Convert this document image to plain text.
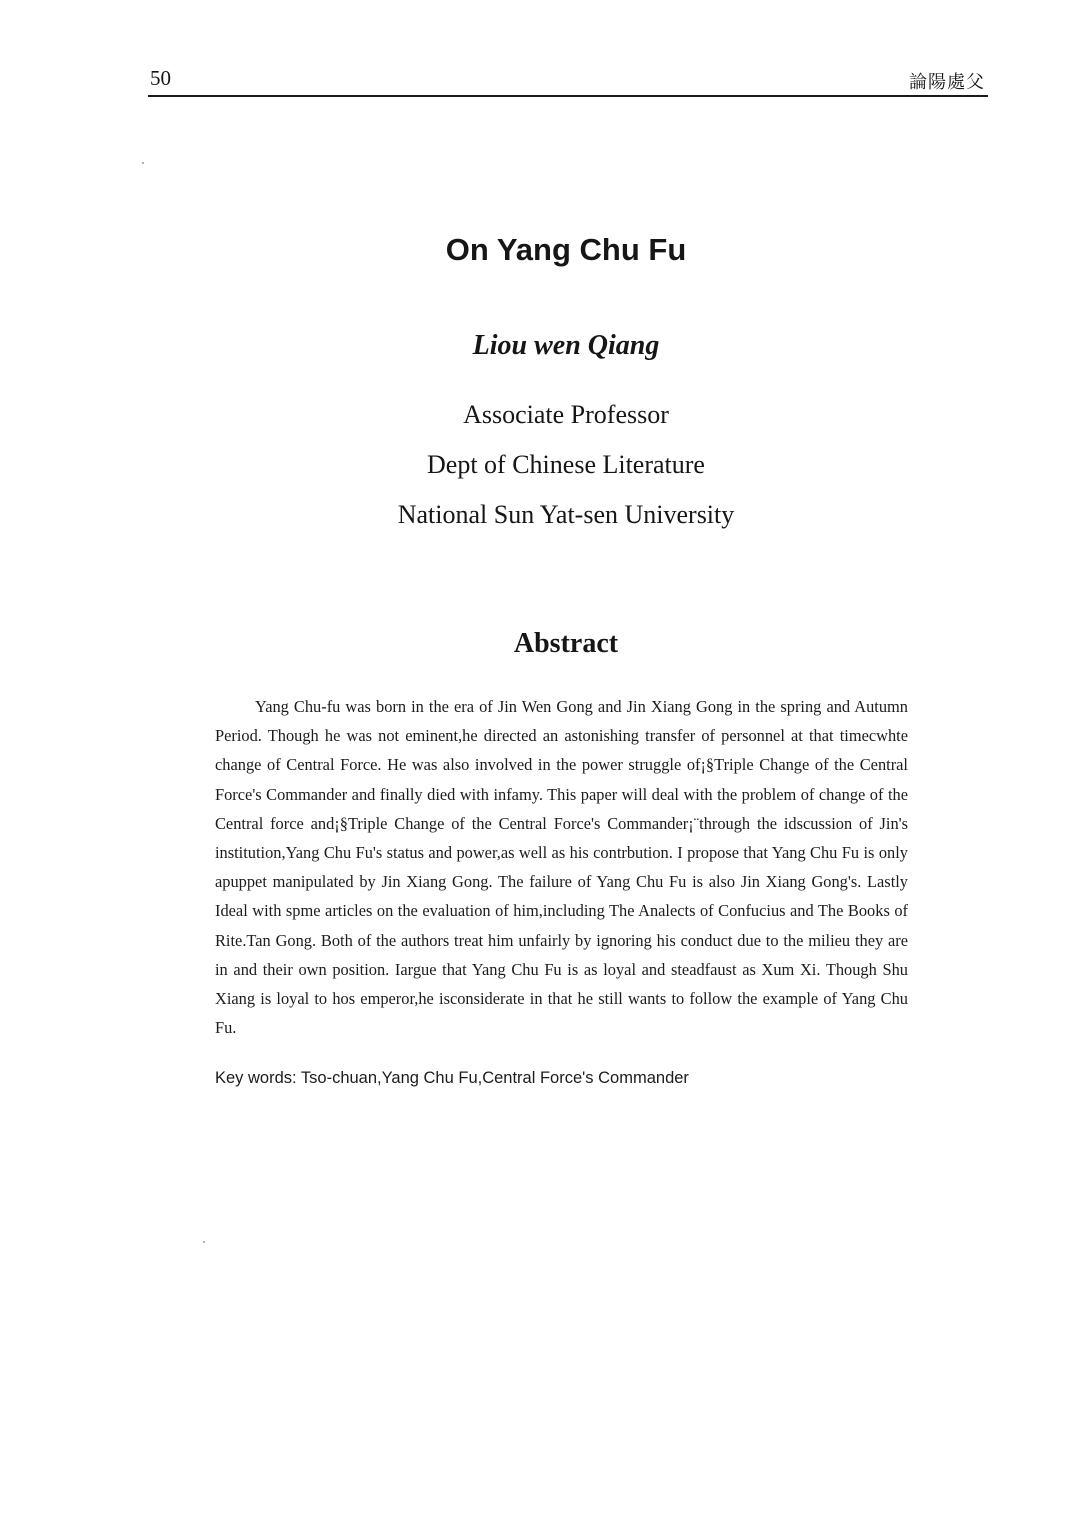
50	論陽處父
On Yang Chu Fu
Liou wen Qiang
Associate Professor
Dept of Chinese Literature
National Sun Yat-sen University
Abstract
Yang Chu-fu was born in the era of Jin Wen Gong and Jin Xiang Gong in the spring and Autumn Period. Though he was not eminent,he directed an astonishing transfer of personnel at that timecwhte change of Central Force. He was also involved in the power struggle of¡§Triple Change of the Central Force's Commander and finally died with infamy. This paper will deal with the problem of change of the Central force and¡§Triple Change of the Central Force's Commander¡¨through the idscussion of Jin's institution,Yang Chu Fu's status and power,as well as his contrbution. I propose that Yang Chu Fu is only apuppet manipulated by Jin Xiang Gong. The failure of Yang Chu Fu is also Jin Xiang Gong's. Lastly Ideal with spme articles on the evaluation of him,including The Analects of Confucius and The Books of Rite.Tan Gong. Both of the authors treat him unfairly by ignoring his conduct due to the milieu they are in and their own position. Iargue that Yang Chu Fu is as loyal and steadfaust as Xum Xi. Though Shu Xiang is loyal to hos emperor,he isconsiderate in that he still wants to follow the example of Yang Chu Fu.
Key words: Tso-chuan,Yang Chu Fu,Central Force's Commander
